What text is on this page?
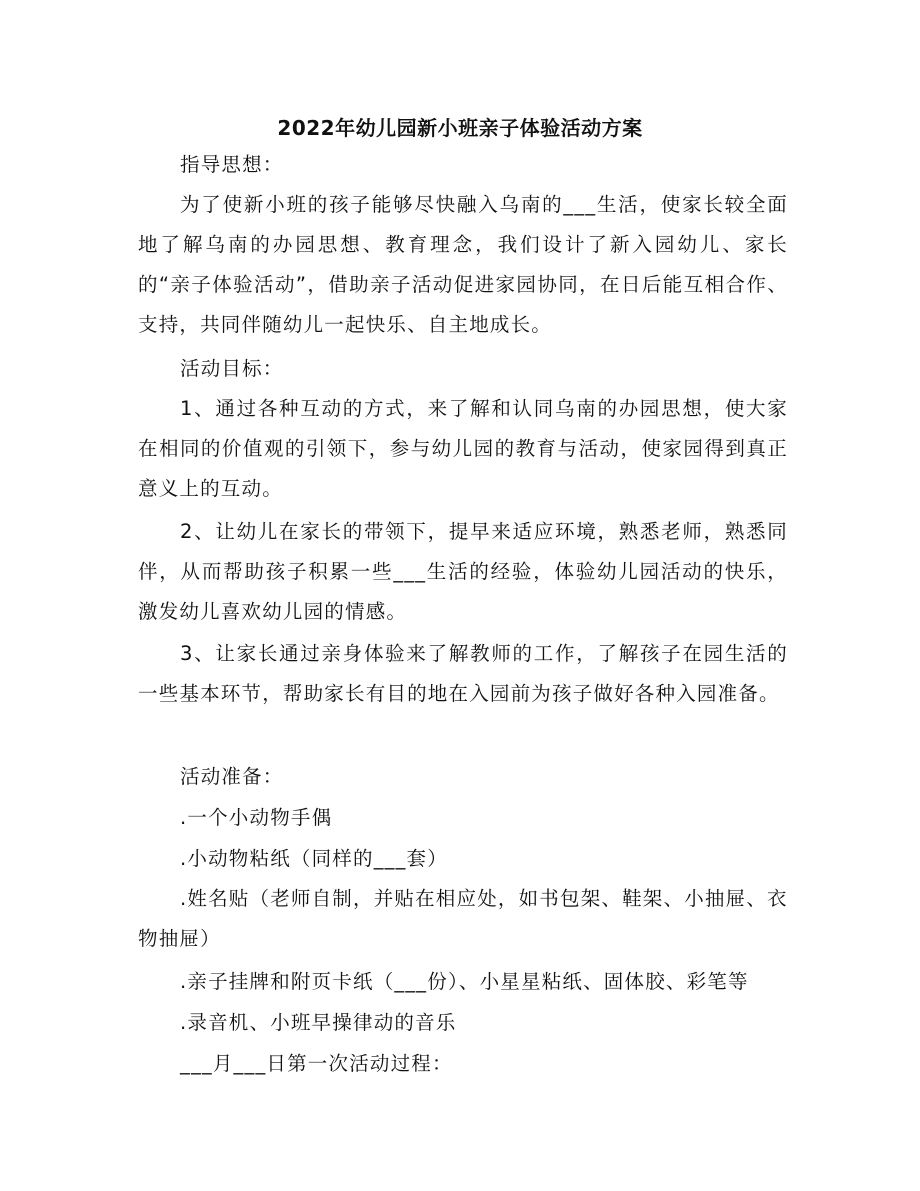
2022年幼儿园新小班亲子体验活动方案
指导思想：
为了使新小班的孩子能够尽快融入乌南的___生活，使家长较全面地了解乌南的办园思想、教育理念，我们设计了新入园幼儿、家长的“亲子体验活动”，借助亲子活动促进家园协同，在日后能互相合作、支持，共同伴随幼儿一起快乐、自主地成长。
活动目标：
1、通过各种互动的方式，来了解和认同乌南的办园思想，使大家在相同的价值观的引领下，参与幼儿园的教育与活动，使家园得到真正意义上的互动。
2、让幼儿在家长的带领下，提早来适应环境，熟悉老师，熟悉同伴，从而帮助孩子积累一些___生活的经验，体验幼儿园活动的快乐，激发幼儿喜欢幼儿园的情感。
3、让家长通过亲身体验来了解教师的工作，了解孩子在园生活的一些基本环节，帮助家长有目的地在入园前为孩子做好各种入园准备。
活动准备：
.一个小动物手偶
.小动物粘纸（同样的___套）
.姓名贴（老师自制，并贴在相应处，如书包架、鞋架、小抽屉、衣物抽屉）
.亲子挂牌和附页卡纸（___份）、小星星粘纸、固体胶、彩笔等
.录音机、小班早操律动的音乐
___月___日第一次活动过程：
